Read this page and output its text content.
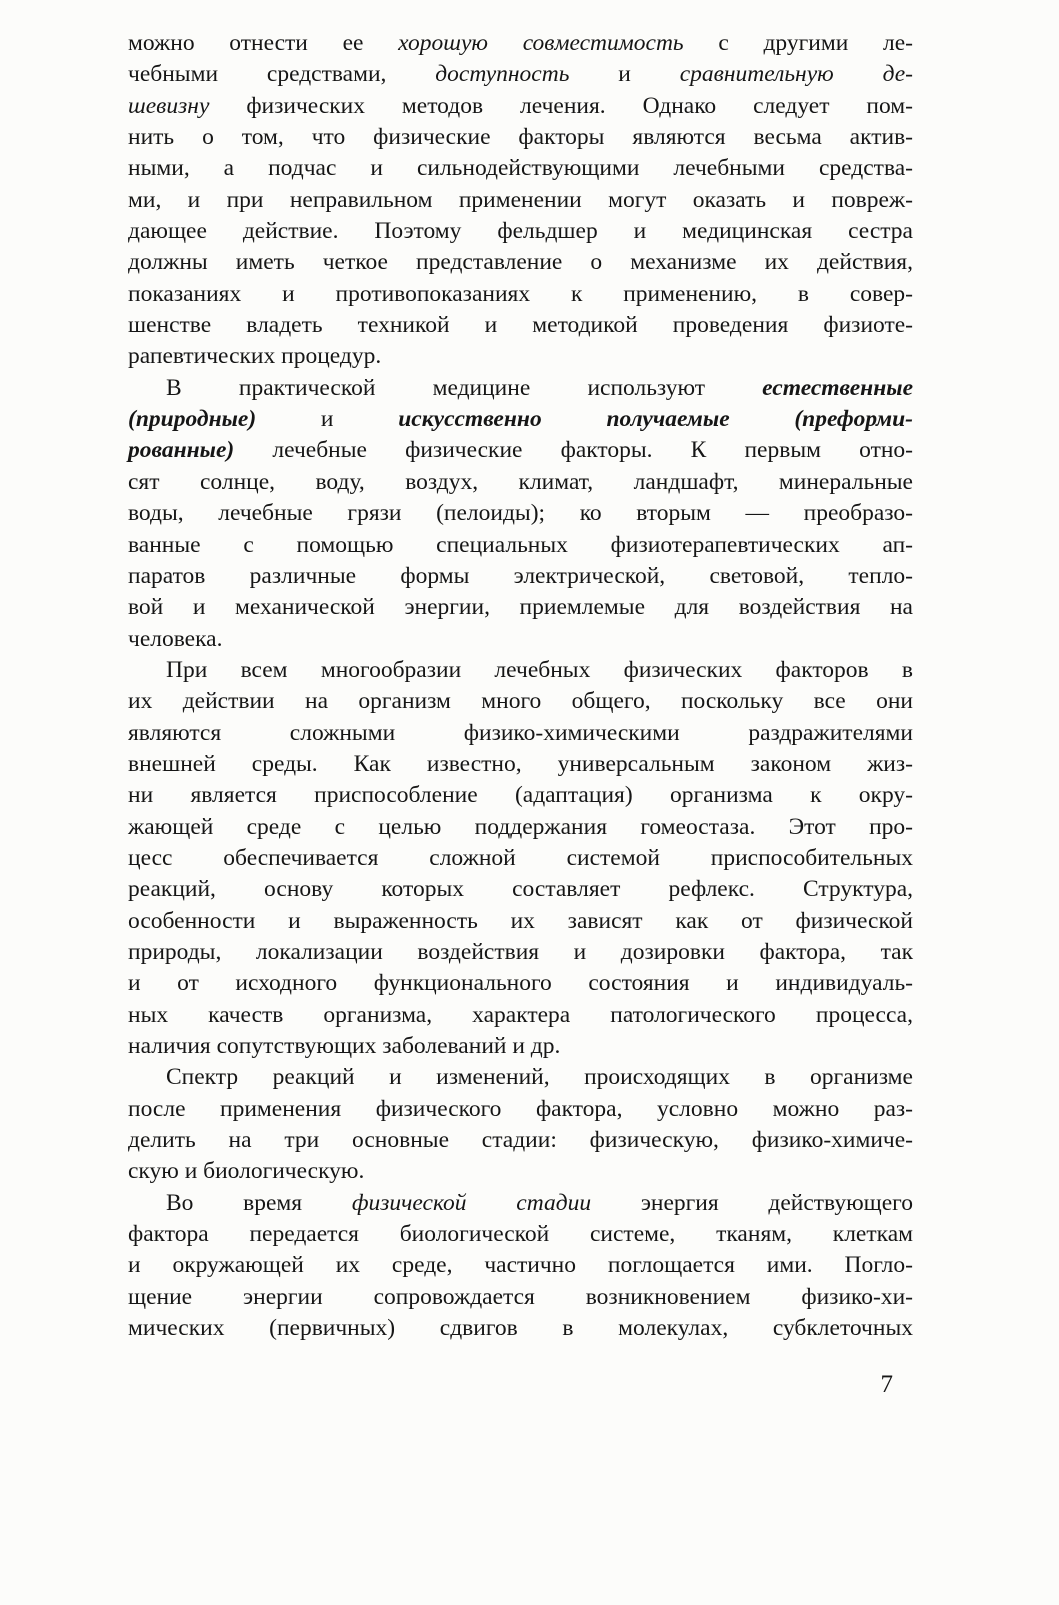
можно отнести ее хорошую совместимость с другими ле-
чебными средствами, доступность и сравнительную де-
шевизну физических методов лечения. Однако следует пом-
нить о том, что физические факторы являются весьма актив-
ными, а подчас и сильнодействующими лечебными средства-
ми, и при неправильном применении могут оказать и повреж-
дающее действие. Поэтому фельдшер и медицинская сестра
должны иметь четкое представление о механизме их действия,
показаниях и противопоказаниях к применению, в совер-
шенстве владеть техникой и методикой проведения физиоте-
рапевтических процедур.
В практической медицине используют естественные
(природные) и искусственно получаемые (преформи-
рованные) лечебные физические факторы. К первым отно-
сят солнце, воду, воздух, климат, ландшафт, минеральные
воды, лечебные грязи (пелоиды); ко вторым — преобразо-
ванные с помощью специальных физиотерапевтических ап-
паратов различные формы электрической, световой, тепло-
вой и механической энергии, приемлемые для воздействия на
человека.
При всем многообразии лечебных физических факторов в
их действии на организм много общего, поскольку все они
являются сложными физико-химическими раздражителями
внешней среды. Как известно, универсальным законом жиз-
ни является приспособление (адаптация) организма к окру-
жающей среде с целью поддержания гомеостаза. Этот про-
цесс обеспечивается сложной системой приспособительных
реакций, основу которых составляет рефлекс. Структура,
особенности и выраженность их зависят как от физической
природы, локализации воздействия и дозировки фактора, так
и от исходного функционального состояния и индивидуаль-
ных качеств организма, характера патологического процесса,
наличия сопутствующих заболеваний и др.
Спектр реакций и изменений, происходящих в организме
после применения физического фактора, условно можно раз-
делить на три основные стадии: физическую, физико-химиче-
скую и биологическую.
Во время физической стадии энергия действующего
фактора передается биологической системе, тканям, клеткам
и окружающей их среде, частично поглощается ими. Погло-
щение энергии сопровождается возникновением физико-хи-
мических (первичных) сдвигов в молекулах, субклеточных
7
